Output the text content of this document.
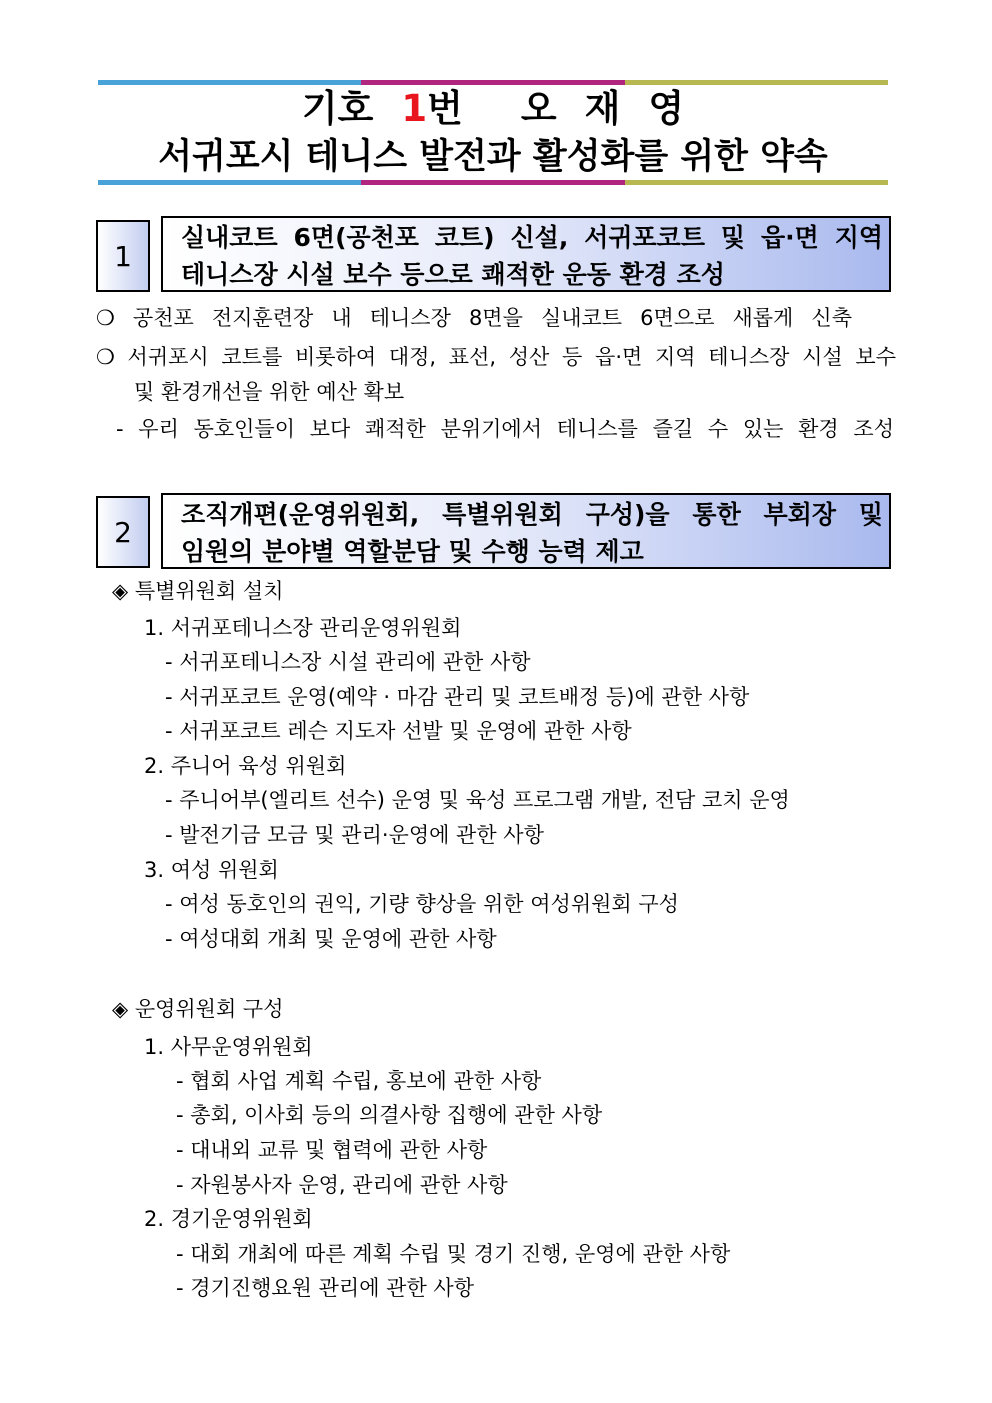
기호 1번 오 재 영
서귀포시 테니스 발전과 활성화를 위한 약속
1
실내코트 6면(공천포 코트) 신설, 서귀포코트 및 읍·면 지역
테니스장 시설 보수 등으로 쾌적한 운동 환경 조성
❍ 공천포 전지훈련장 내 테니스장 8면을 실내코트 6면으로 새롭게 신축
❍ 서귀포시 코트를 비롯하여 대정, 표선, 성산 등 읍·면 지역 테니스장 시설 보수
및 환경개선을 위한 예산 확보
- 우리 동호인들이 보다 쾌적한 분위기에서 테니스를 즐길 수 있는 환경 조성
2
조직개편(운영위원회, 특별위원회 구성)을 통한 부회장 및
임원의 분야별 역할분담 및 수행 능력 제고
◈ 특별위원회 설치
1. 서귀포테니스장 관리운영위원회
- 서귀포테니스장 시설 관리에 관한 사항
- 서귀포코트 운영(예약 · 마감 관리 및 코트배정 등)에 관한 사항
- 서귀포코트 레슨 지도자 선발 및 운영에 관한 사항
2. 주니어 육성 위원회
- 주니어부(엘리트 선수) 운영 및 육성 프로그램 개발, 전담 코치 운영
- 발전기금 모금 및 관리·운영에 관한 사항
3. 여성 위원회
- 여성 동호인의 권익, 기량 향상을 위한 여성위원회 구성
- 여성대회 개최 및 운영에 관한 사항
◈ 운영위원회 구성
1. 사무운영위원회
- 협회 사업 계획 수립, 홍보에 관한 사항
- 총회, 이사회 등의 의결사항 집행에 관한 사항
- 대내외 교류 및 협력에 관한 사항
- 자원봉사자 운영, 관리에 관한 사항
2. 경기운영위원회
- 대회 개최에 따른 계획 수립 및 경기 진행, 운영에 관한 사항
- 경기진행요원 관리에 관한 사항
